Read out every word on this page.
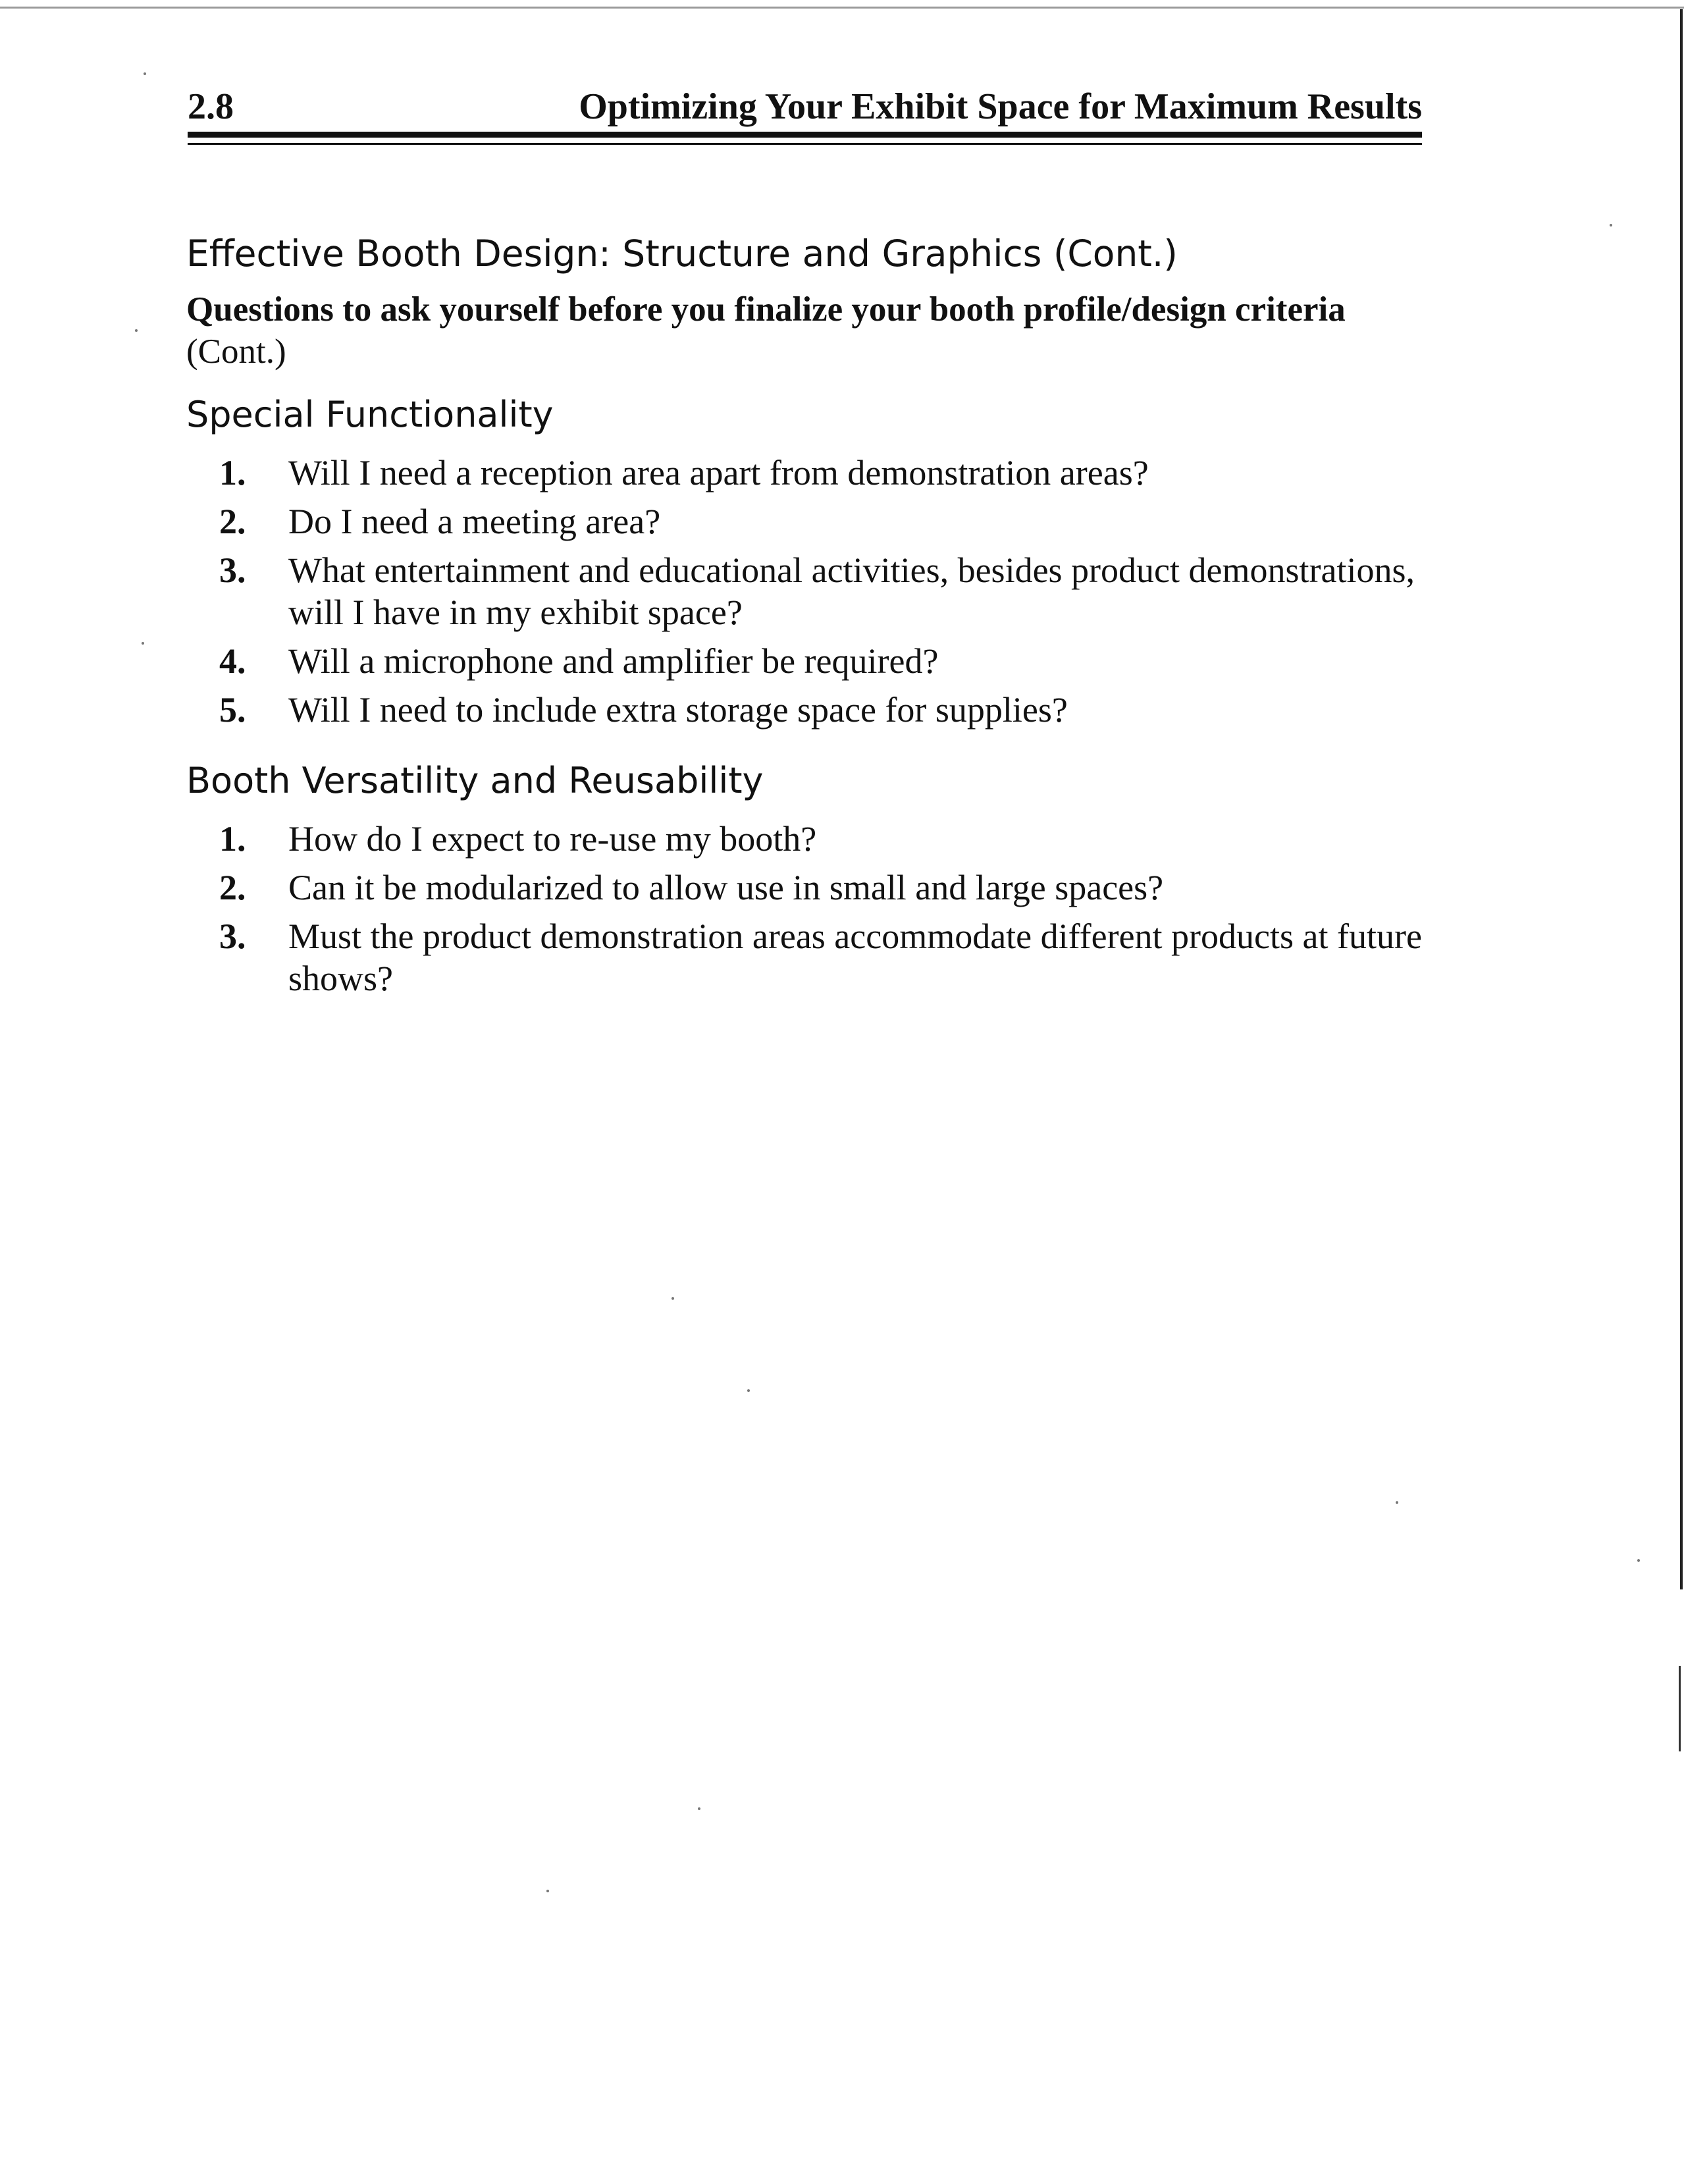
2.8	Optimizing Your Exhibit Space for Maximum Results
Effective Booth Design: Structure and Graphics (Cont.)
Questions to ask yourself before you finalize your booth profile/design criteria (Cont.)
Special Functionality
1. Will I need a reception area apart from demonstration areas?
2. Do I need a meeting area?
3. What entertainment and educational activities, besides product demonstrations, will I have in my exhibit space?
4. Will a microphone and amplifier be required?
5. Will I need to include extra storage space for supplies?
Booth Versatility and Reusability
1. How do I expect to re-use my booth?
2. Can it be modularized to allow use in small and large spaces?
3. Must the product demonstration areas accommodate different products at future shows?
